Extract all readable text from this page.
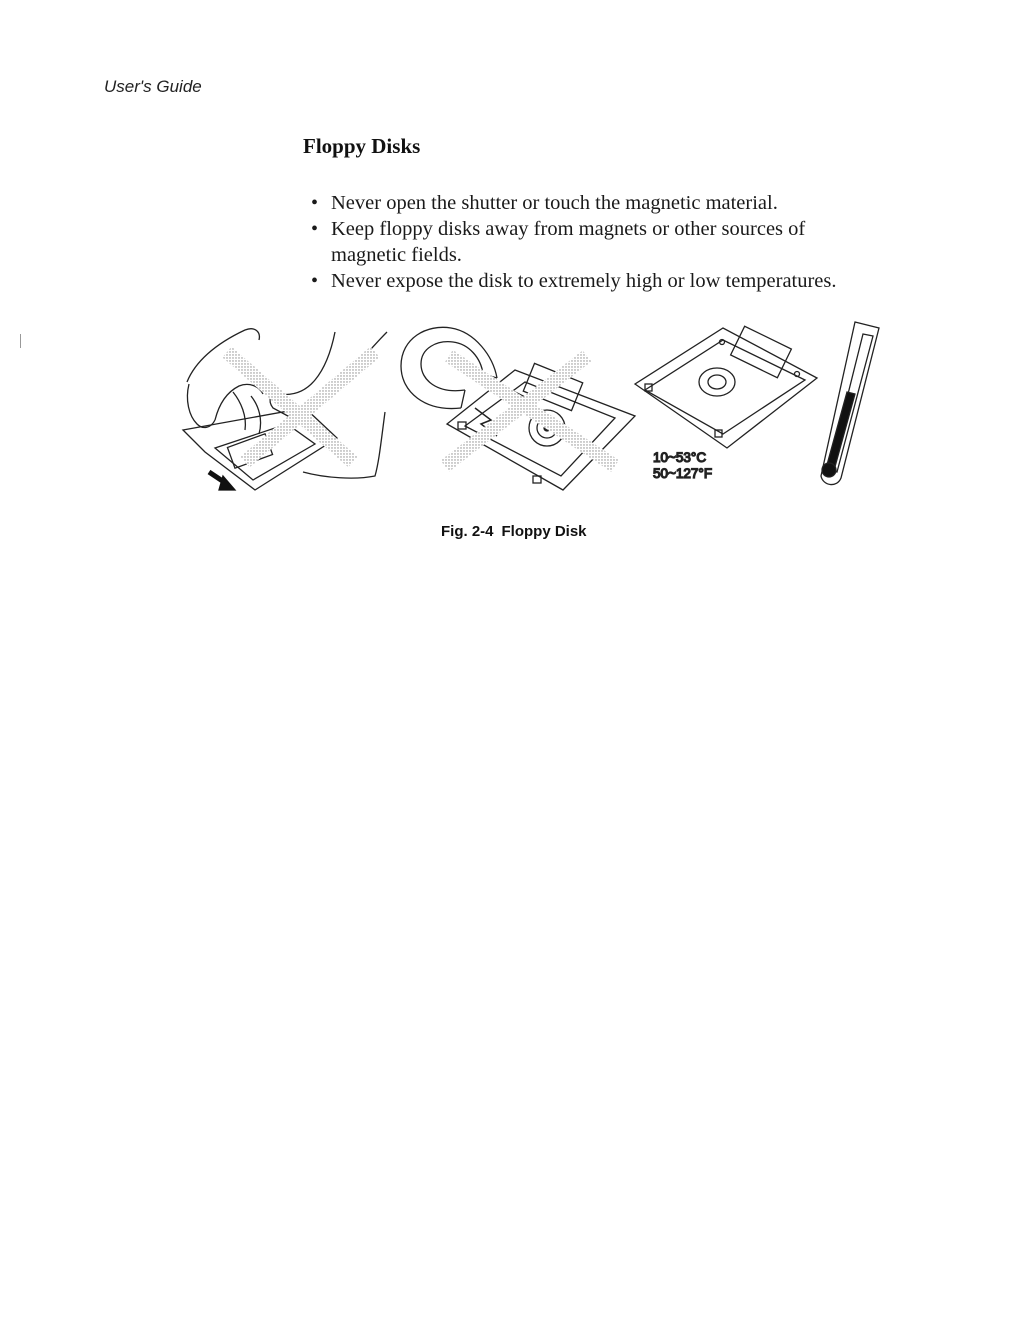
User's Guide

Floppy Disks
• Never open the shutter or touch the magnetic material.
• Keep floppy disks away from magnets or other sources of magnetic fields.
• Never expose the disk to extremely high or low temperatures.
10~53°C
50~127°F

Fig. 2-4 Floppy Disk
